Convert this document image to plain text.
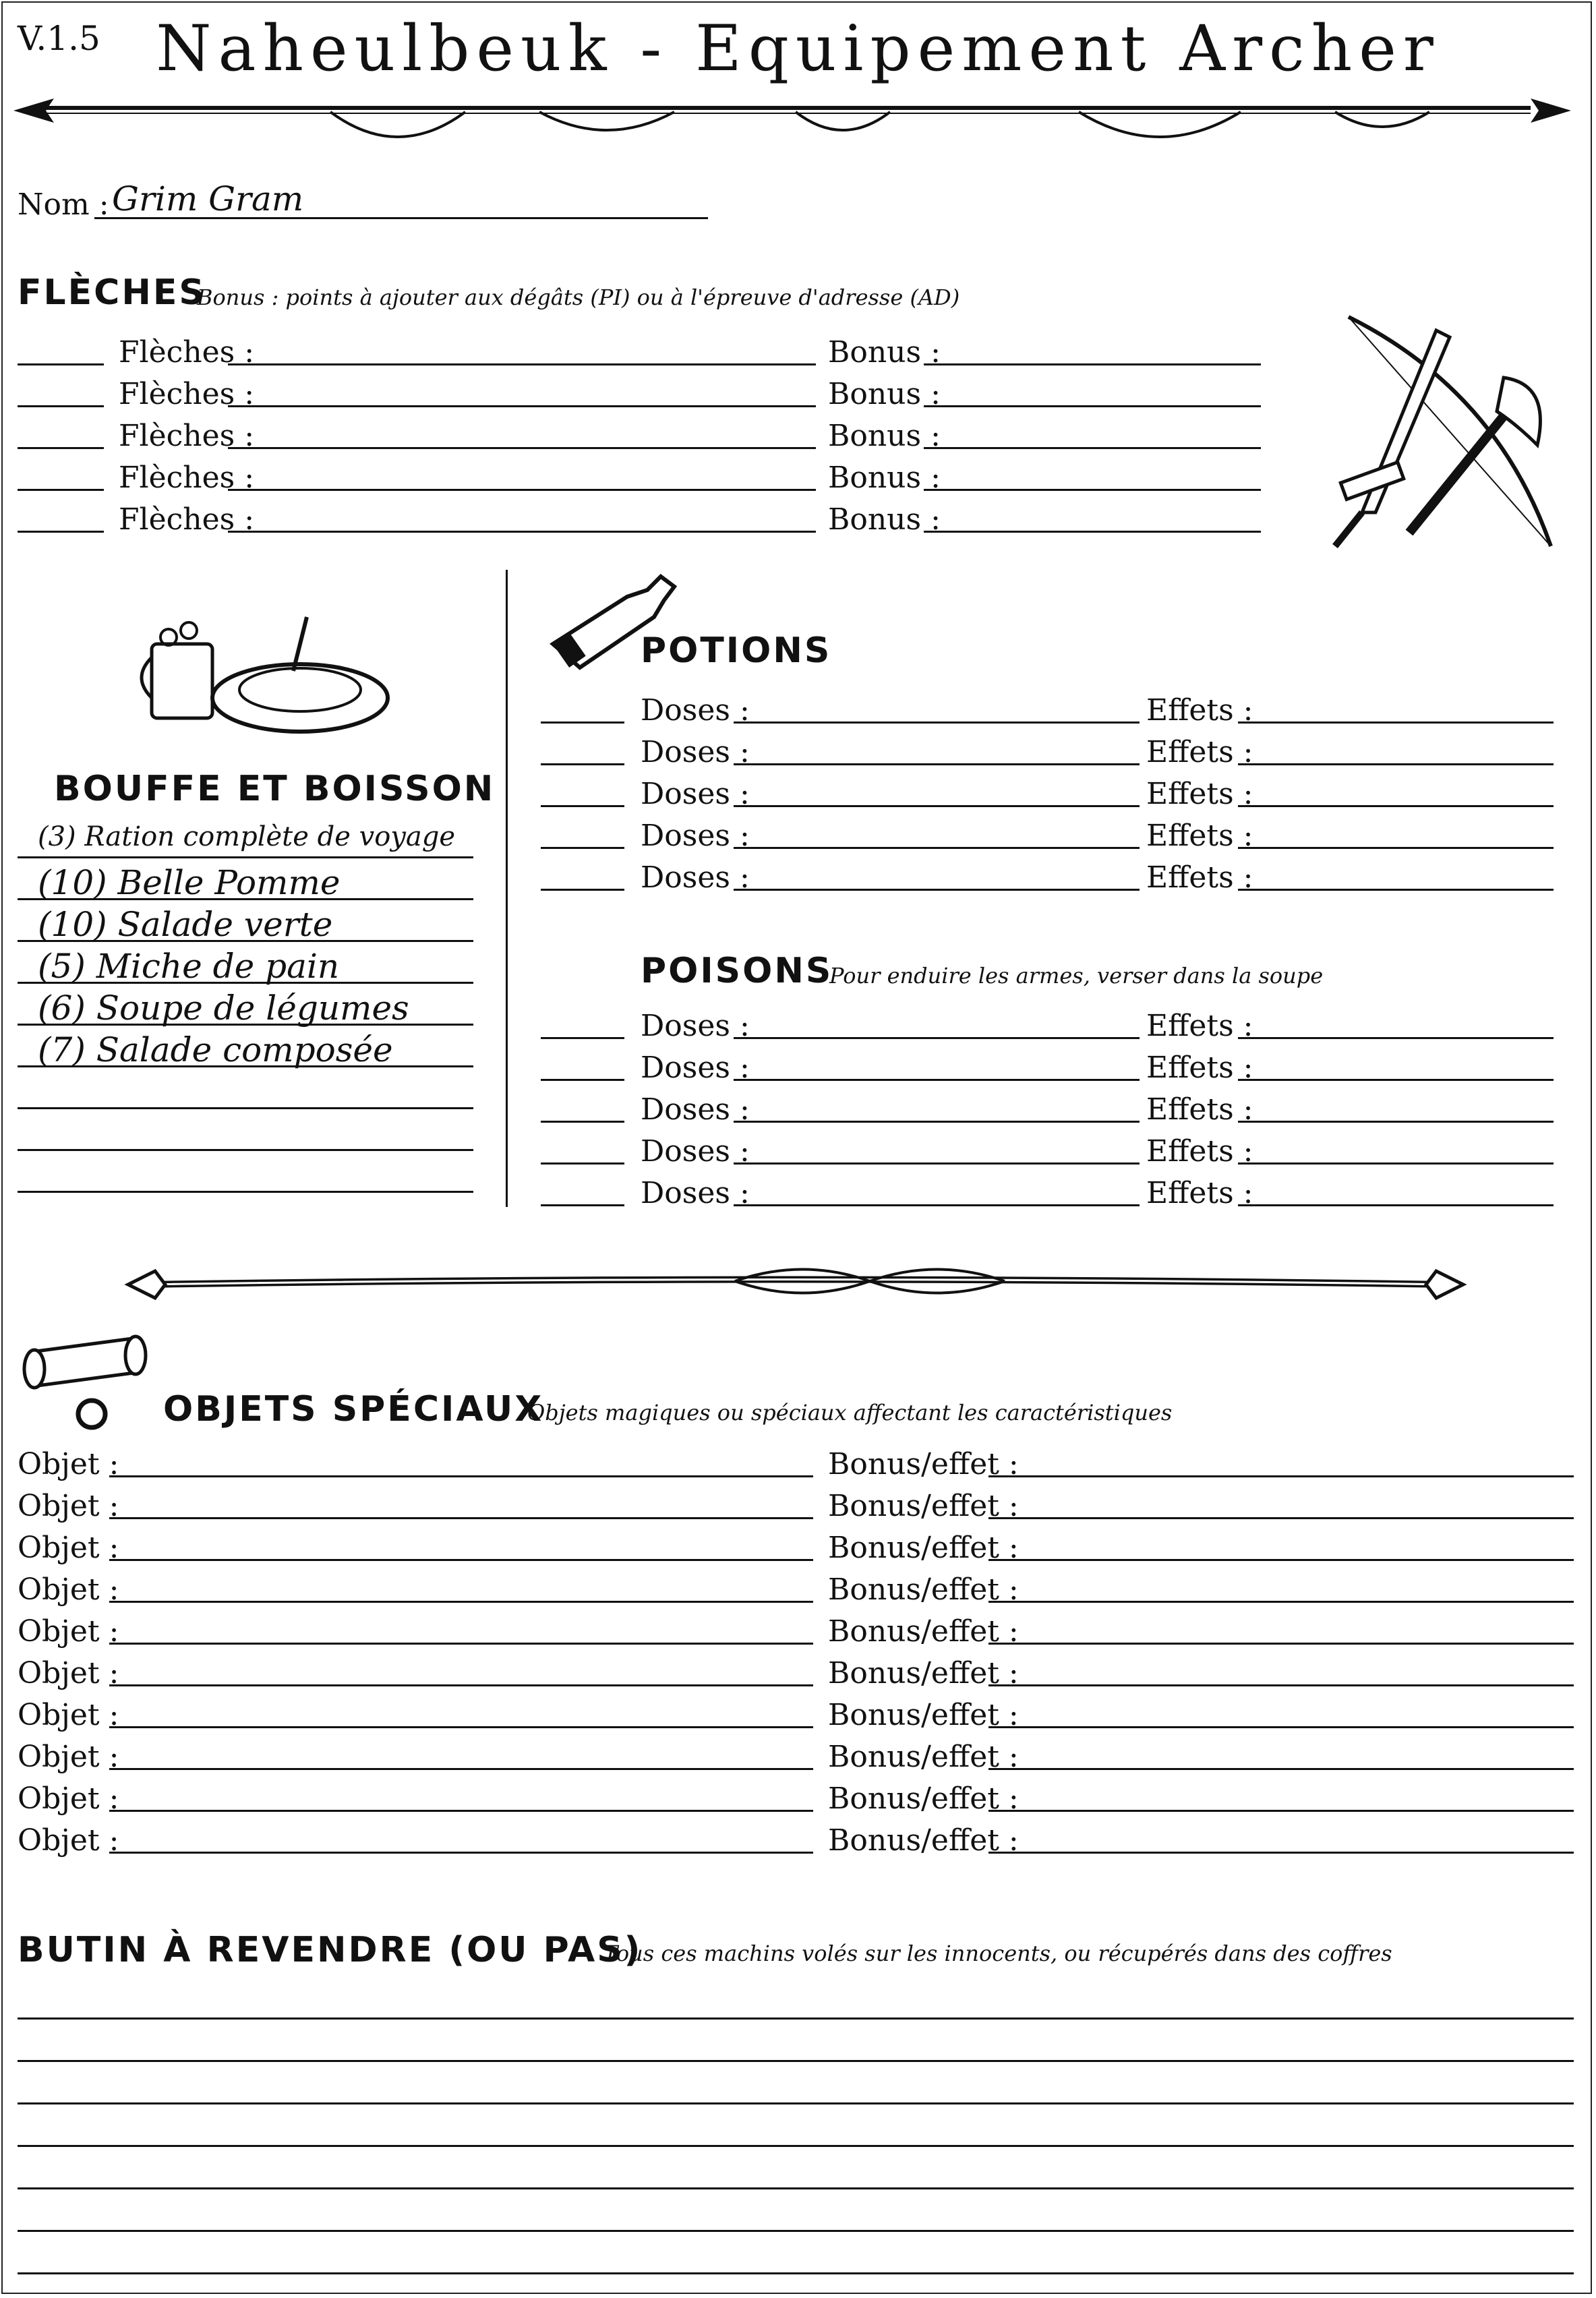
V.1.5 Naheulbeuk - Equipement Archer
Nom : Grim Gram
FLÈCHES
Bonus : points à ajouter aux dégâts (PI) ou à l'épreuve d'adresse (AD)
BOUFFE ET BOISSON
POTIONS
POISONS
Pour enduire les armes, verser dans la soupe
OBJETS SPÉCIAUX
Objets magiques ou spéciaux affectant les caractéristiques
BUTIN À REVENDRE (OU PAS)
Tous ces machins volés sur les innocents, ou récupérés dans des coffres
Flèches :	Bonus :
Flèches :	Bonus :
Flèches :	Bonus :
Flèches :	Bonus :
Flèches :	Bonus :
(3) Ration complète de voyage
(10) Belle Pomme
(10) Salade verte
(5) Miche de pain
(6) Soupe de légumes
(7) Salade composée
Doses :	Effets :
Doses :	Effets :
Doses :	Effets :
Doses :	Effets :
Doses :	Effets :
Doses :	Effets :
Doses :	Effets :
Doses :	Effets :
Doses :	Effets :
Doses :	Effets :
Objet :	Bonus/effet :
Objet :	Bonus/effet :
Objet :	Bonus/effet :
Objet :	Bonus/effet :
Objet :	Bonus/effet :
Objet :	Bonus/effet :
Objet :	Bonus/effet :
Objet :	Bonus/effet :
Objet :	Bonus/effet :
Objet :	Bonus/effet :
